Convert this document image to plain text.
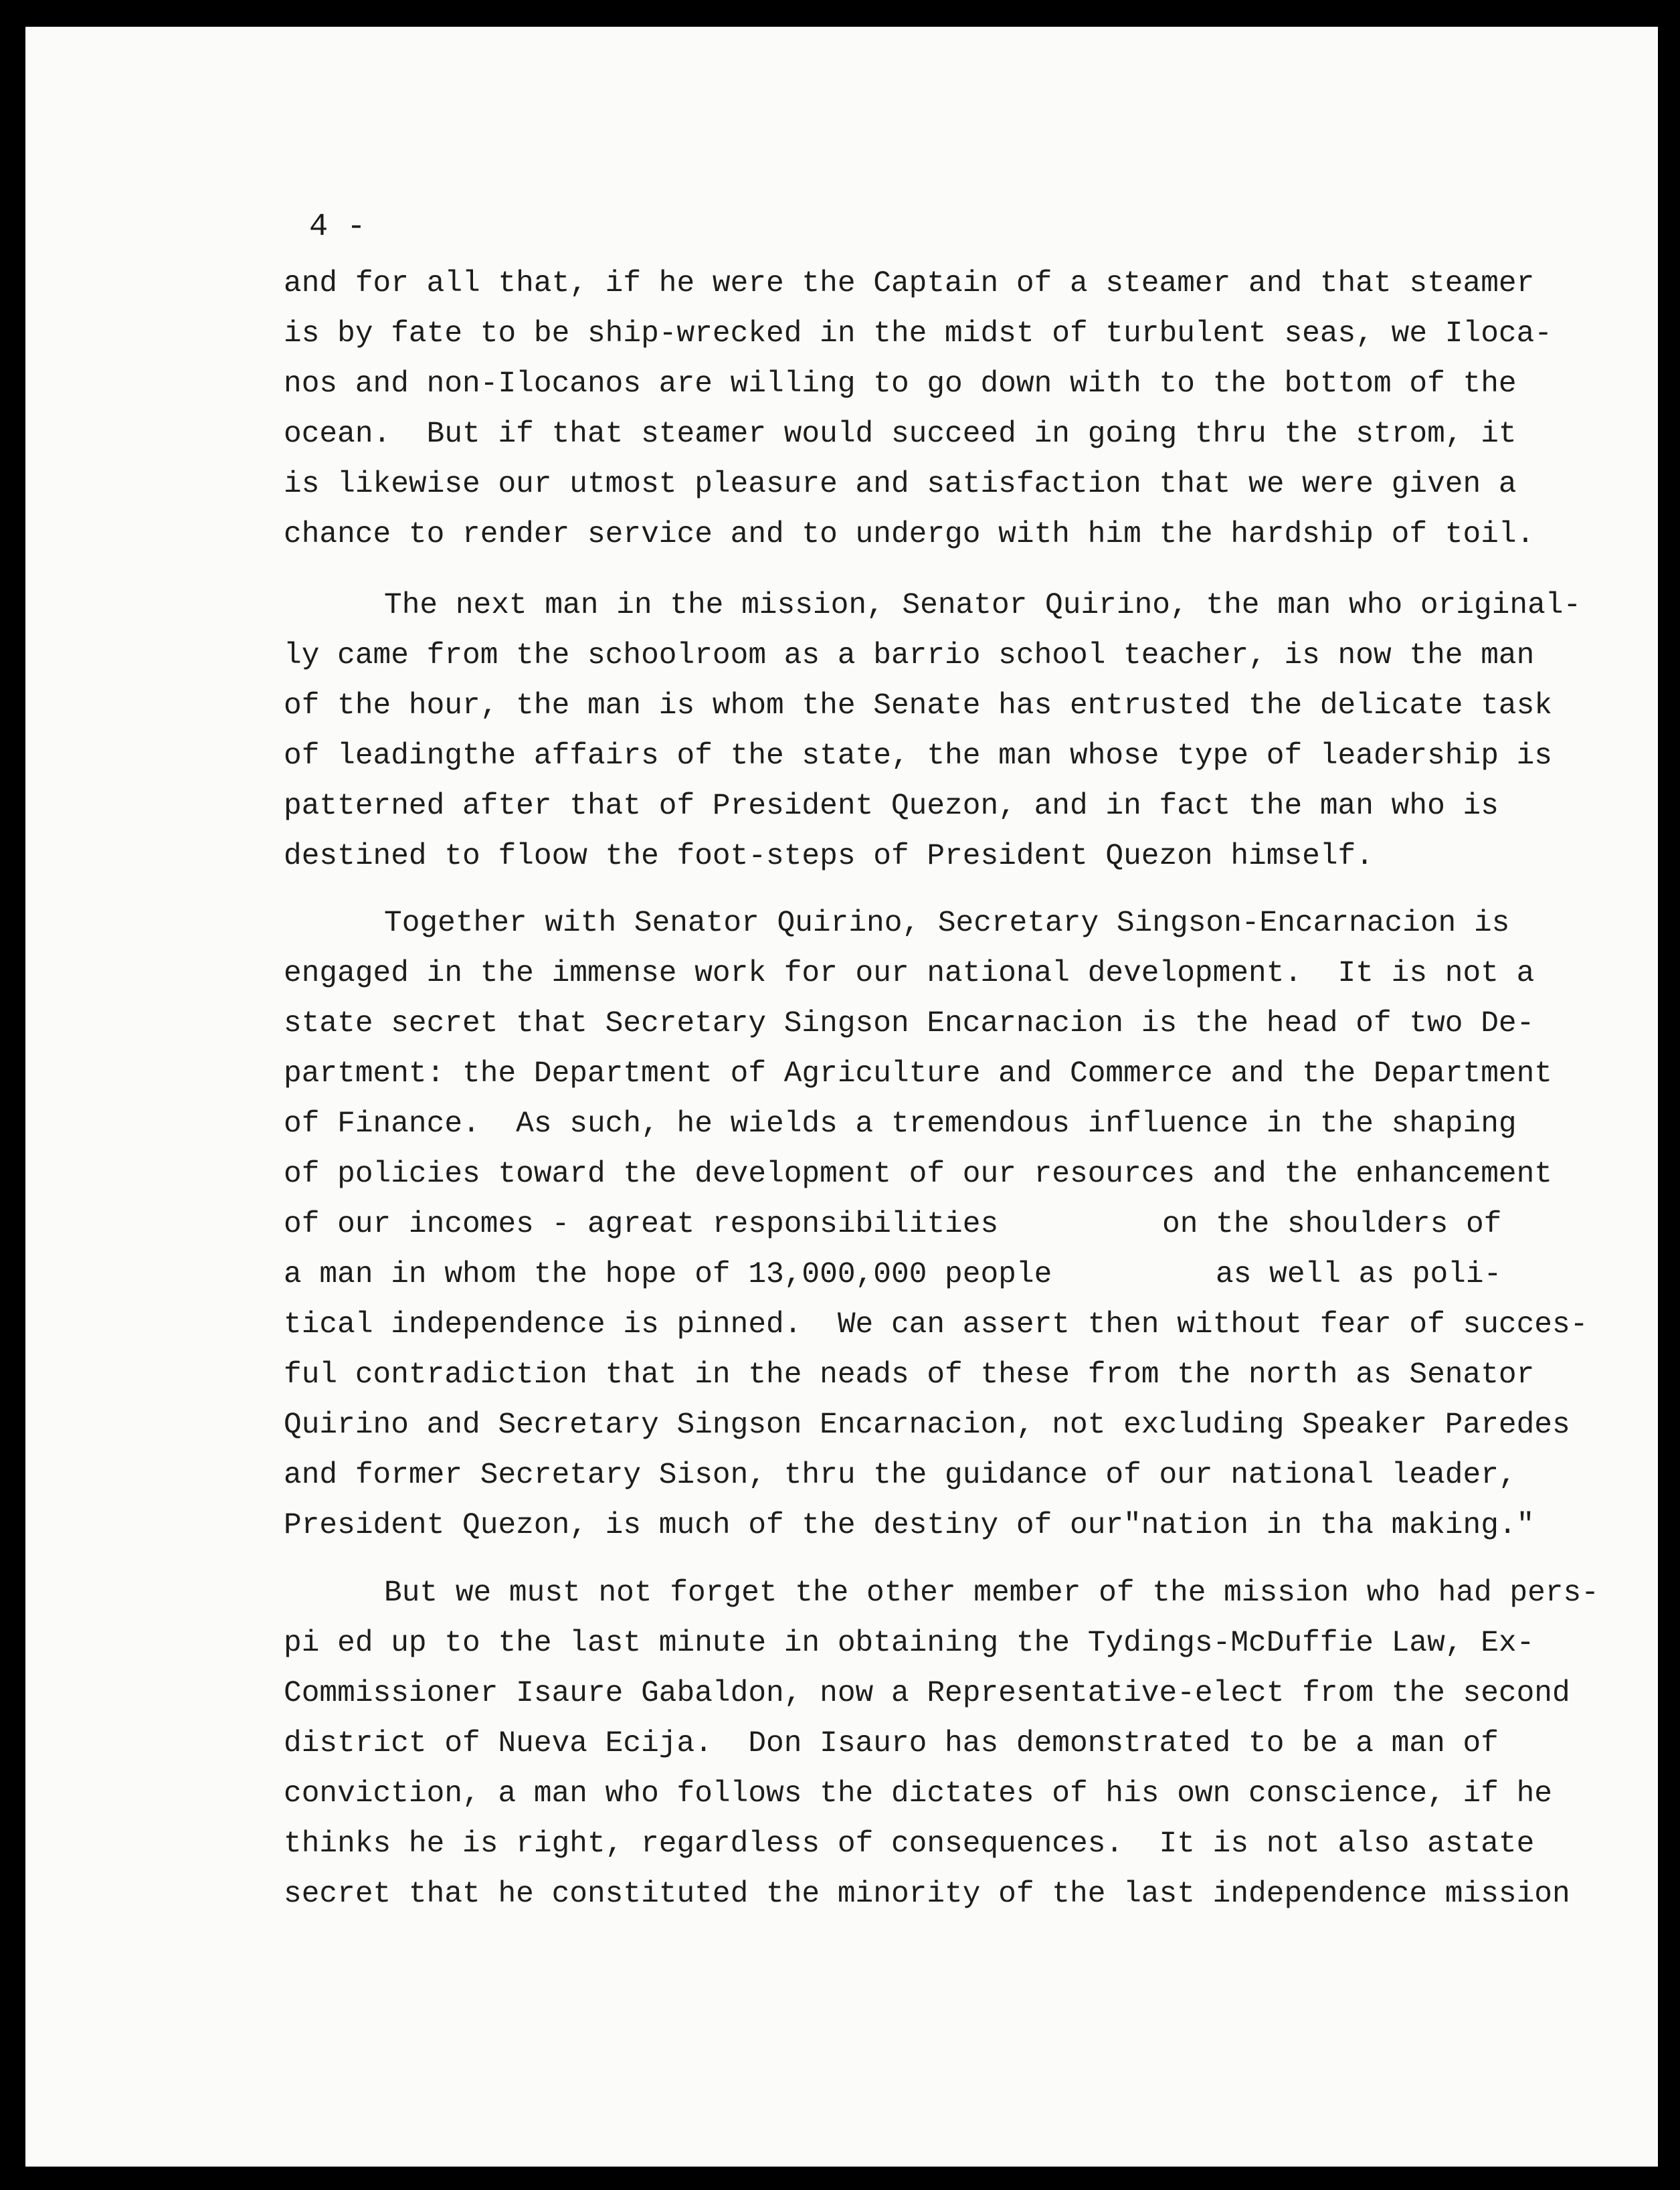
4 -
and for all that, if he were the Captain of a steamer and that steamer
is by fate to be ship-wrecked in the midst of turbulent seas, we Iloca-
nos and non-Ilocanos are willing to go down with to the bottom of the
ocean.  But if that steamer would succeed in going thru the strom, it
is likewise our utmost pleasure and satisfaction that we were given a
chance to render service and to undergo with him the hardship of toil.
The next man in the mission, Senator Quirino, the man who original-
ly came from the schoolroom as a barrio school teacher, is now the man
of the hour, the man is whom the Senate has entrusted the delicate task
of leadingthe affairs of the state, the man whose type of leadership is
patterned after that of President Quezon, and in fact the man who is
destined to floow the foot-steps of President Quezon himself.
Together with Senator Quirino, Secretary Singson-Encarnacion is
engaged in the immense work for our national development.  It is not a
state secret that Secretary Singson Encarnacion is the head of two De-
partment: the Department of Agriculture and Commerce and the Department
of Finance.  As such, he wields a tremendous influence in the shaping
of policies toward the development of our resources and the enhancement

of our incomes - agreat responsibilities

	on the shoulders of

a man in whom the hope of 13,000,000 people

	as well as poli-

tical independence is pinned.  We can assert then without fear of succes-
ful contradiction that in the neads of these from the north as Senator
Quirino and Secretary Singson Encarnacion, not excluding Speaker Paredes
and former Secretary Sison, thru the guidance of our national leader,
President Quezon, is much of the destiny of our"nation in tha making."
But we must not forget the other member of the mission who had pers-
pi ed up to the last minute in obtaining the Tydings-McDuffie Law, Ex-
Commissioner Isaure Gabaldon, now a Representative-elect from the second
district of Nueva Ecija.  Don Isauro has demonstrated to be a man of
conviction, a man who follows the dictates of his own conscience, if he
thinks he is right, regardless of consequences.  It is not also astate
secret that he constituted the minority of the last independence mission
